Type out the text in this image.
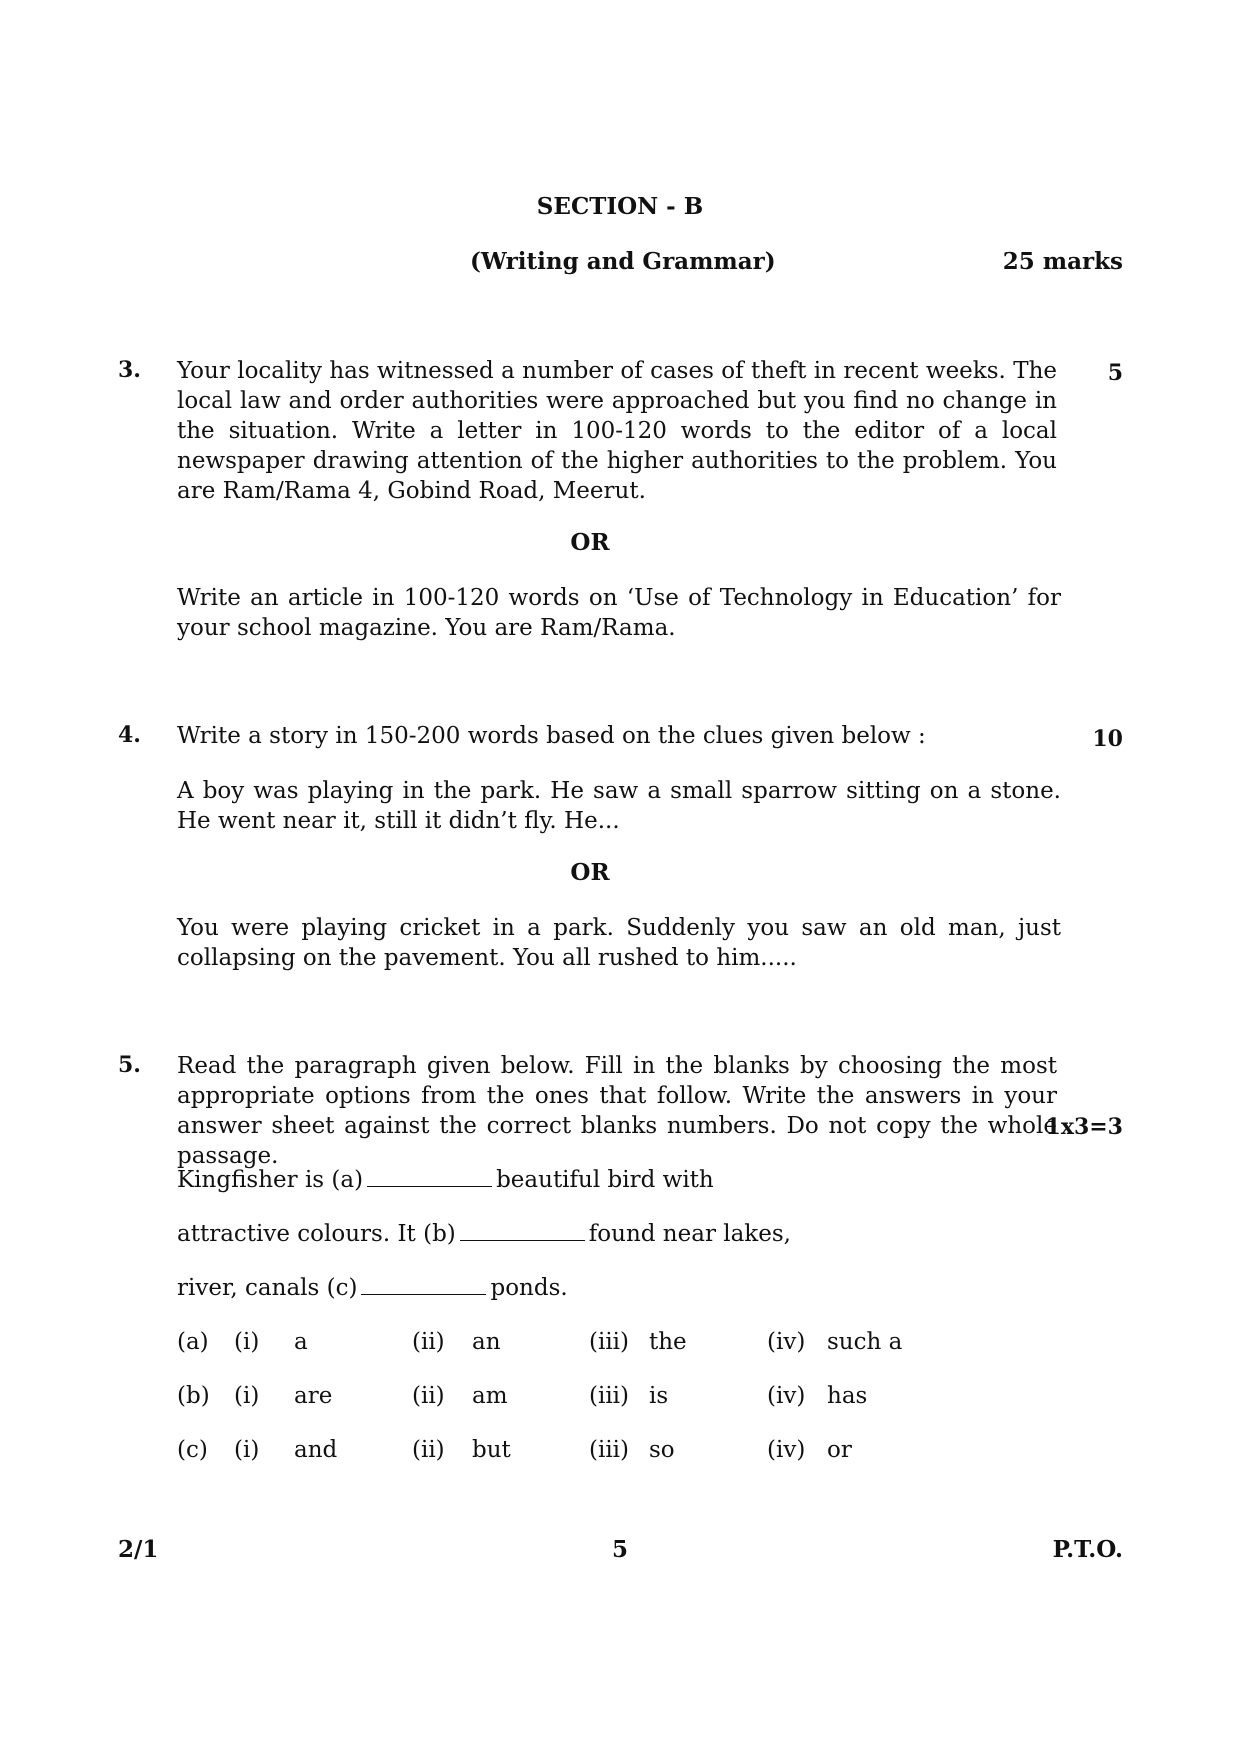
SECTION - B
(Writing and Grammar)	25 marks
3.	5
Your locality has witnessed a number of cases of theft in recent weeks. The local law and order authorities were approached but you find no change in the situation. Write a letter in 100-120 words to the editor of a local newspaper drawing attention of the higher authorities to the problem. You are Ram/Rama 4, Gobind Road, Meerut.
OR
Write an article in 100-120 words on ‘Use of Technology in Education’ for your school magazine. You are Ram/Rama.
4.	10
Write a story in 150-200 words based on the clues given below :
A boy was playing in the park. He saw a small sparrow sitting on a stone. He went near it, still it didn’t fly. He...
OR
You were playing cricket in a park. Suddenly you saw an old man, just collapsing on the pavement. You all rushed to him.....
5. Read the paragraph given below. Fill in the blanks by choosing the most appropriate options from the ones that follow. Write the answers in your answer sheet against the correct blanks numbers. Do not copy the whole passage.
1x3=3
Kingfisher is (a)	beautiful bird with
attractive colours. It (b)	found near lakes,
river, canals (c)	ponds.
(a) (i) a	(ii) an	(iii) the	(iv) such a
(b) (i) are	(ii) am	(iii) is	(iv) has
(c) (i) and	(ii) but	(iii) so	(iv) or
2/1	5	P.T.O.
